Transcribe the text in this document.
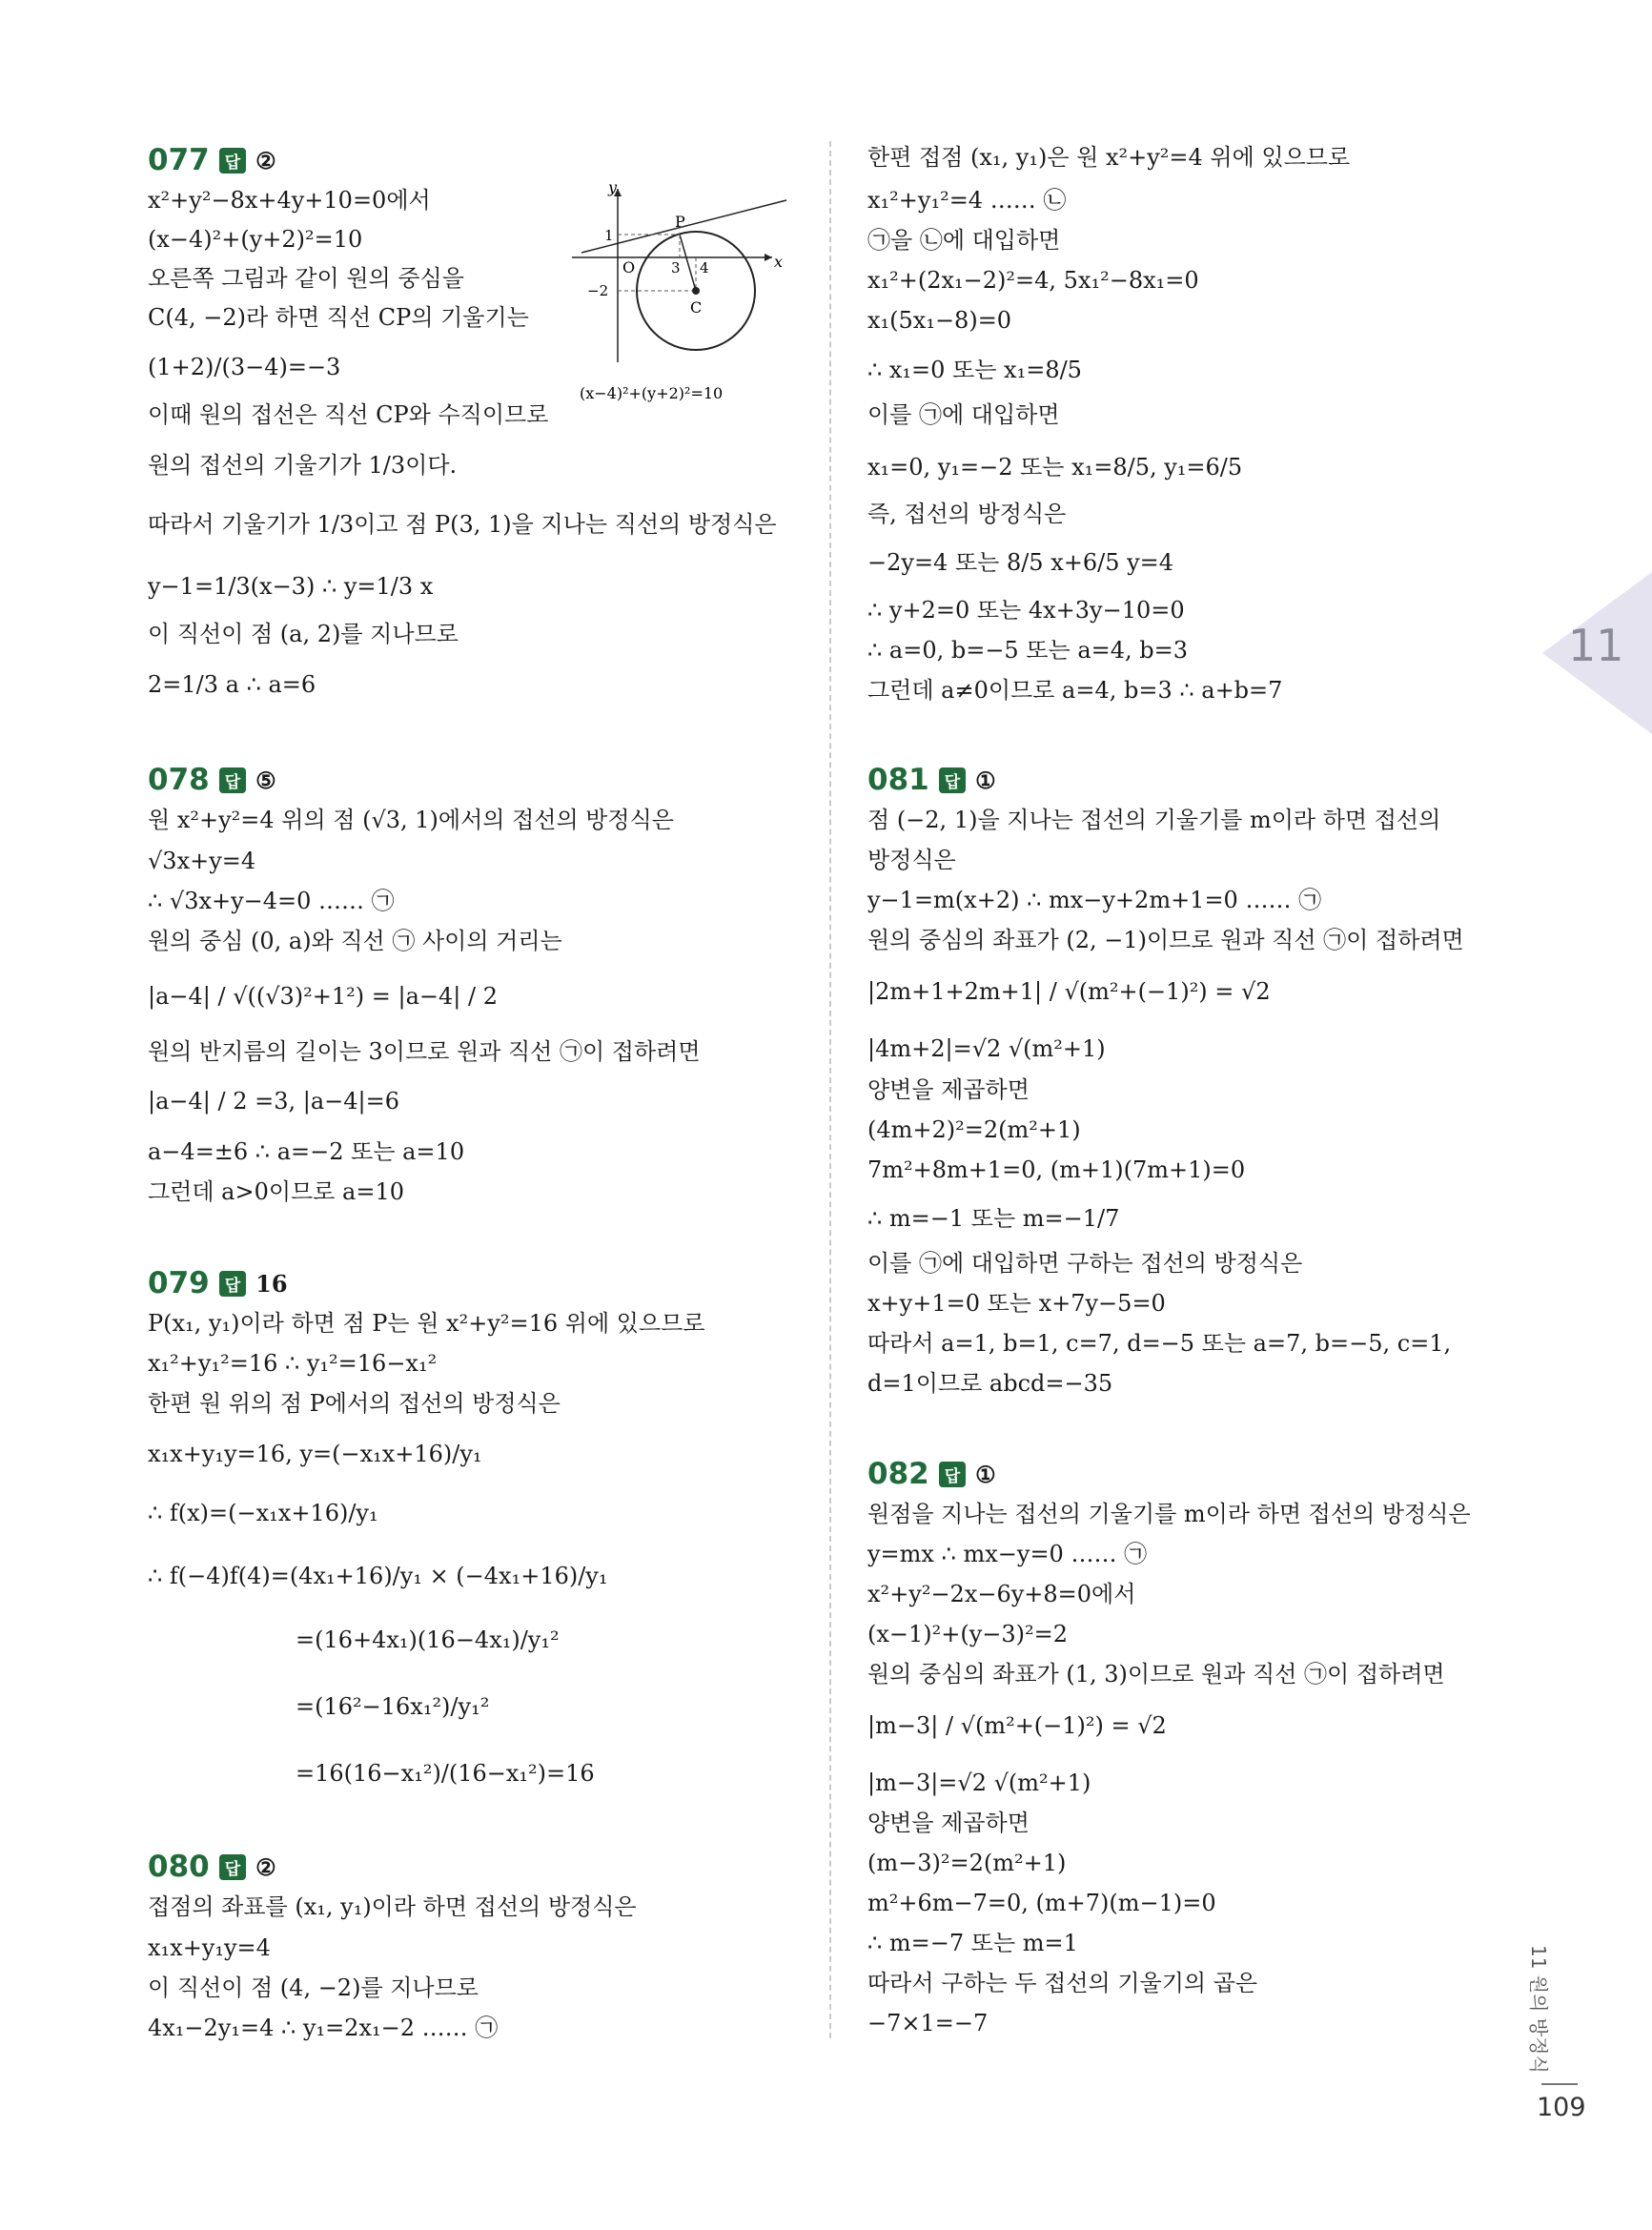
077 답 ②
x²+y²−8x+4y+10=0에서
(x−4)²+(y+2)²=10
오른쪽 그림과 같이 원의 중심을
C(4, −2)라 하면 직선 CP의 기울기는
(1+2)/(3−4)=−3
이때 원의 접선은 직선 CP와 수직이므로
원의 접선의 기울기가 1/3이다.
따라서 기울기가 1/3이고 점 P(3, 1)을 지나는 직선의 방정식은
y−1=1/3(x−3) ∴ y=1/3 x
이 직선이 점 (a, 2)를 지나므로
2=1/3 a ∴ a=6
078 답 ⑤
원 x²+y²=4 위의 점 (√3, 1)에서의 접선의 방정식은
√3x+y=4
∴ √3x+y−4=0 …… ㉠
원의 중심 (0, a)와 직선 ㉠ 사이의 거리는
|a−4| / √((√3)²+1²) = |a−4| / 2
원의 반지름의 길이는 3이므로 원과 직선 ㉠이 접하려면
|a−4| / 2 =3, |a−4|=6
a−4=±6 ∴ a=−2 또는 a=10
그런데 a>0이므로 a=10
079 답 16
P(x₁, y₁)이라 하면 점 P는 원 x²+y²=16 위에 있으므로
x₁²+y₁²=16 ∴ y₁²=16−x₁²
한편 원 위의 점 P에서의 접선의 방정식은
x₁x+y₁y=16, y=(−x₁x+16)/y₁
∴ f(x)=(−x₁x+16)/y₁
∴ f(−4)f(4)=(4x₁+16)/y₁ × (−4x₁+16)/y₁
=(16+4x₁)(16−4x₁)/y₁²
=(16²−16x₁²)/y₁²
=16(16−x₁²)/(16−x₁²)=16
080 답 ②
접점의 좌표를 (x₁, y₁)이라 하면 접선의 방정식은
x₁x+y₁y=4
이 직선이 점 (4, −2)를 지나므로
4x₁−2y₁=4 ∴ y₁=2x₁−2 …… ㉠
y
x
O
P
C
1
−2
3 4
(x−4)²+(y+2)²=10
한편 접점 (x₁, y₁)은 원 x²+y²=4 위에 있으므로
x₁²+y₁²=4 …… ㉡
㉠을 ㉡에 대입하면
x₁²+(2x₁−2)²=4, 5x₁²−8x₁=0
x₁(5x₁−8)=0
∴ x₁=0 또는 x₁=8/5
이를 ㉠에 대입하면
x₁=0, y₁=−2 또는 x₁=8/5, y₁=6/5
즉, 접선의 방정식은
−2y=4 또는 8/5 x+6/5 y=4
∴ y+2=0 또는 4x+3y−10=0
∴ a=0, b=−5 또는 a=4, b=3
그런데 a≠0이므로 a=4, b=3 ∴ a+b=7
081 답 ①
점 (−2, 1)을 지나는 접선의 기울기를 m이라 하면 접선의
방정식은
y−1=m(x+2) ∴ mx−y+2m+1=0 …… ㉠
원의 중심의 좌표가 (2, −1)이므로 원과 직선 ㉠이 접하려면
|2m+1+2m+1| / √(m²+(−1)²) = √2
|4m+2|=√2 √(m²+1)
양변을 제곱하면
(4m+2)²=2(m²+1)
7m²+8m+1=0, (m+1)(7m+1)=0
∴ m=−1 또는 m=−1/7
이를 ㉠에 대입하면 구하는 접선의 방정식은
x+y+1=0 또는 x+7y−5=0
따라서 a=1, b=1, c=7, d=−5 또는 a=7, b=−5, c=1,
d=1이므로 abcd=−35
082 답 ①
원점을 지나는 접선의 기울기를 m이라 하면 접선의 방정식은
y=mx ∴ mx−y=0 …… ㉠
x²+y²−2x−6y+8=0에서
(x−1)²+(y−3)²=2
원의 중심의 좌표가 (1, 3)이므로 원과 직선 ㉠이 접하려면
|m−3| / √(m²+(−1)²) = √2
|m−3|=√2 √(m²+1)
양변을 제곱하면
(m−3)²=2(m²+1)
m²+6m−7=0, (m+7)(m−1)=0
∴ m=−7 또는 m=1
따라서 구하는 두 접선의 기울기의 곱은
−7×1=−7
11
11 원의 방정식
109
